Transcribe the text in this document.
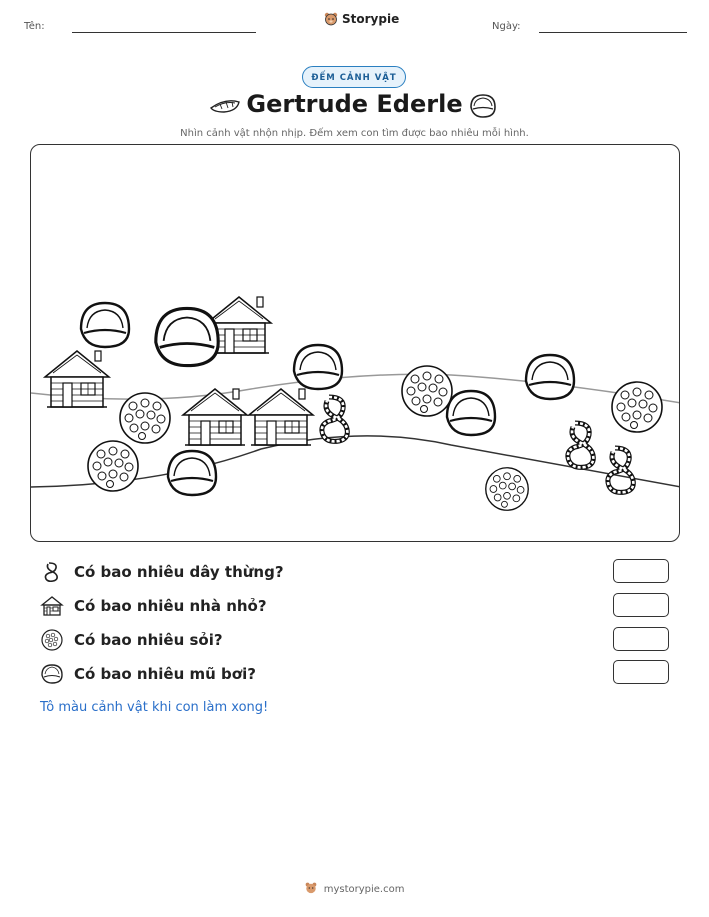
Tên:
Storypie
Ngày:
ĐẾM CẢNH VẬT
Gertrude Ederle
Nhìn cảnh vật nhộn nhịp. Đếm xem con tìm được bao nhiêu mỗi hình.
Có bao nhiêu dây thừng?
Có bao nhiêu nhà nhỏ?
Có bao nhiêu sỏi?
Có bao nhiêu mũ bơi?
Tô màu cảnh vật khi con làm xong!
mystorypie.com
